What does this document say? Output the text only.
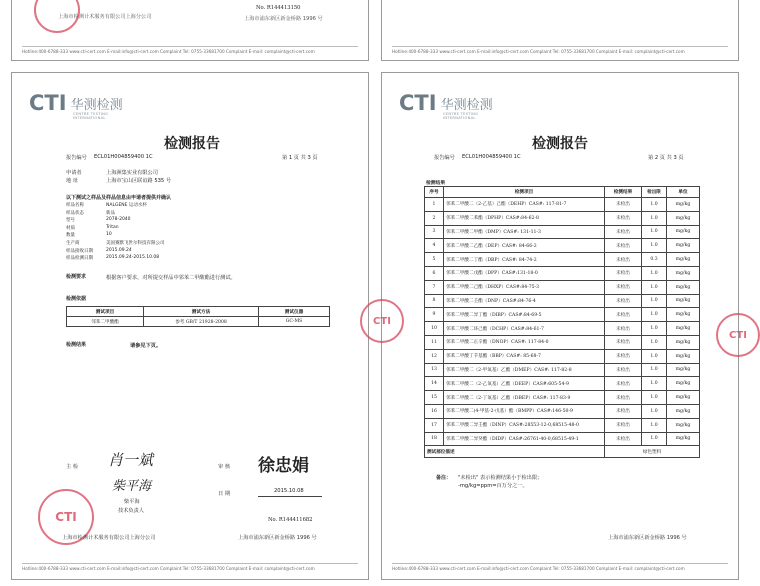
上海市检测计术服务有限公司上海分公司
No. R144413150
上海市浦东新区新金桥路 1996 号
Hotline:400-6788-333 www.cti-cert.com E-mail:info@cti-cert.com Complaint Tel: 0755-33681700 Complaint E-mail: complaint@cti-cert.com	Hotline:400-6788-333 www.cti-cert.com E-mail:info@cti-cert.com Complaint Tel: 0755-33681700 Complaint E-mail: complaint@cti-cert.com
CTI 华测检测
CENTRE TESTING INTERNATIONAL
检测报告
报告编号 ECL01H004859400 1C	第 1 页 共 3 页
申请者	上海洲集实业有限公司
地 址	上海市宝山区联谊路 535 号
以下测试之样品及样品信息由申请者提供并确认
样品名称	NALGENE 运动水杯
样品状态	新品
型号	2078-2040
材质	Tritan
数量	10
生产商	美国赛默飞世尔科技有限公司
样品接收日期	2015.09.24
样品检测日期	2015.09.24-2015.10.08
检测要求	根据客户要求，对所提交样品中邻苯二甲酸酯进行测试。
检测依据
测试项目	测试方法	测试仪器
邻苯二甲酸酯	参考 GB/T 21928-2008	GC-MS
检测结果	请参见下页。
主 检 肖一斌	审 核 徐忠娟
柴平海
柴平海
技术负责人
日 期	2015.10.08
CTI	No. R144411682
上海市检测计术服务有限公司上海分公司	上海市浦东新区新金桥路 1996 号
Hotline:400-6788-333 www.cti-cert.com E-mail:info@cti-cert.com Complaint Tel: 0755-33681700 Complaint E-mail: complaint@cti-cert.com
CTI 华测检测
CENTRE TESTING INTERNATIONAL
检测报告
报告编号 ECL01H004859400 1C	第 2 页 共 3 页
检测结果
序号	检测项目	检测结果	检出限	单位
1	邻苯二甲酸二（2-乙基）己酯（DEHP）CAS#: 117-81-7	未检出	1.0	mg/kg
2	邻苯二甲酸二苯酯（DPHP）CAS#:84-62-8	未检出	1.0	mg/kg
3	邻苯二甲酸二甲酯（DMP）CAS#: 131-11-3	未检出	1.0	mg/kg
4	邻苯二甲酸二乙酯（DEP）CAS#: 84-66-2	未检出	1.0	mg/kg
5	邻苯二甲酸二丁酯（DBP）CAS#: 84-74-2	未检出	0.3	mg/kg
6	邻苯二甲酸二戊酯（DPP）CAS#:131-18-0	未检出	1.0	mg/kg
7	邻苯二甲酸二己酯（DHXP）CAS#:84-75-3	未检出	1.0	mg/kg
8	邻苯二甲酸二壬酯（DNP）CAS#:84-76-4	未检出	1.0	mg/kg
9	邻苯二甲酸二异丁酯（DIBP）CAS#:84-69-5	未检出	1.0	mg/kg
10	邻苯二甲酸二环己酯（DCHP）CAS#:84-61-7	未检出	1.0	mg/kg
11	邻苯二甲酸二正辛酯（DNOP）CAS#: 117-84-0	未检出	1.0	mg/kg
12	邻苯二甲酸丁苄基酯（BBP）CAS#: 85-68-7	未检出	1.0	mg/kg
13	邻苯二甲酸二（2-甲氧基）乙酯（DMEP）CAS#: 117-82-8	未检出	1.0	mg/kg
14	邻苯二甲酸二（2-乙氧基）乙酯（DEEP）CAS#:605-54-9	未检出	1.0	mg/kg
15	邻苯二甲酸二（2-丁氧基）乙酯（DBEP）CAS#: 117-83-9	未检出	1.0	mg/kg
16	邻苯二甲酸二(4-甲基-2-戊基）酯（BMPP）CAS#:146-50-9	未检出	1.0	mg/kg
17	邻苯二甲酸二异壬酯（DINP）CAS#:28553-12-0,68515-48-0	未检出	1.0	mg/kg
18	邻苯二甲酸二异癸酯（DIDP）CAS#:26761-40-0,68515-49-1	未检出	1.0	mg/kg
测试部位描述		绿色塑料		
备注： "未检出" 表示检测结果小于检出限；
-mg/kg=ppm=百万分之一。
CTI
CTI
上海市浦东新区新金桥路 1996 号
Hotline:400-6788-333 www.cti-cert.com E-mail:info@cti-cert.com Complaint Tel: 0755-33681700 Complaint E-mail: complaint@cti-cert.com
